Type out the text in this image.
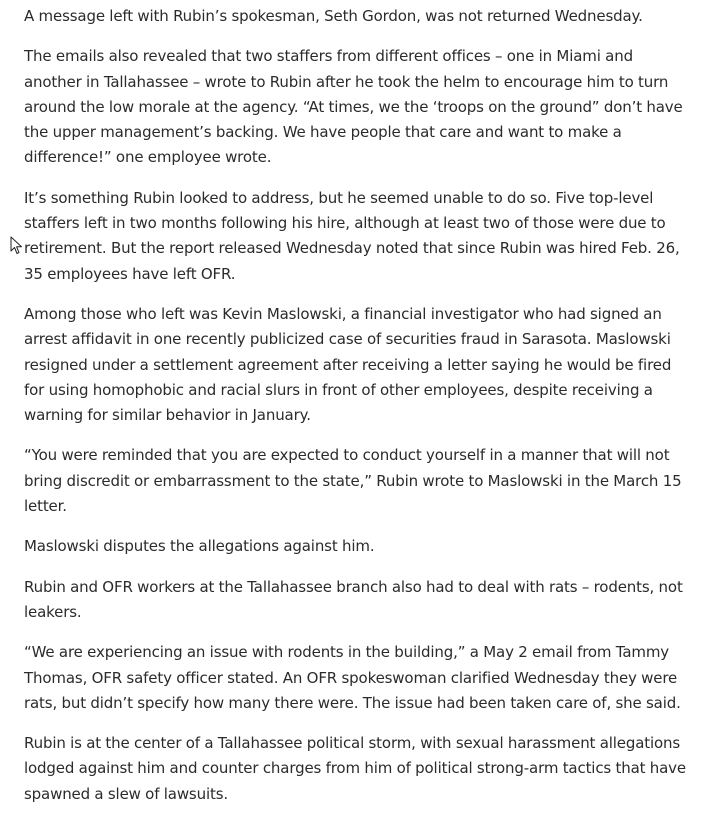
A message left with Rubin’s spokesman, Seth Gordon, was not returned Wednesday.

The emails also revealed that two staffers from different offices – one in Miami and another in Tallahassee – wrote to Rubin after he took the helm to encourage him to turn around the low morale at the agency. “At times, we the ‘troops on the ground” don’t have the upper management’s backing. We have people that care and want to make a difference!” one employee wrote.

It’s something Rubin looked to address, but he seemed unable to do so. Five top-level staffers left in two months following his hire, although at least two of those were due to retirement. But the report released Wednesday noted that since Rubin was hired Feb. 26, 35 employees have left OFR.

Among those who left was Kevin Maslowski, a financial investigator who had signed an arrest affidavit in one recently publicized case of securities fraud in Sarasota. Maslowski resigned under a settlement agreement after receiving a letter saying he would be fired for using homophobic and racial slurs in front of other employees, despite receiving a warning for similar behavior in January.

“You were reminded that you are expected to conduct yourself in a manner that will not bring discredit or embarrassment to the state,” Rubin wrote to Maslowski in the March 15 letter.

Maslowski disputes the allegations against him.

Rubin and OFR workers at the Tallahassee branch also had to deal with rats – rodents, not leakers.

“We are experiencing an issue with rodents in the building,” a May 2 email from Tammy Thomas, OFR safety officer stated. An OFR spokeswoman clarified Wednesday they were rats, but didn’t specify how many there were. The issue had been taken care of, she said.

Rubin is at the center of a Tallahassee political storm, with sexual harassment allegations lodged against him and counter charges from him of political strong-arm tactics that have spawned a slew of lawsuits.
